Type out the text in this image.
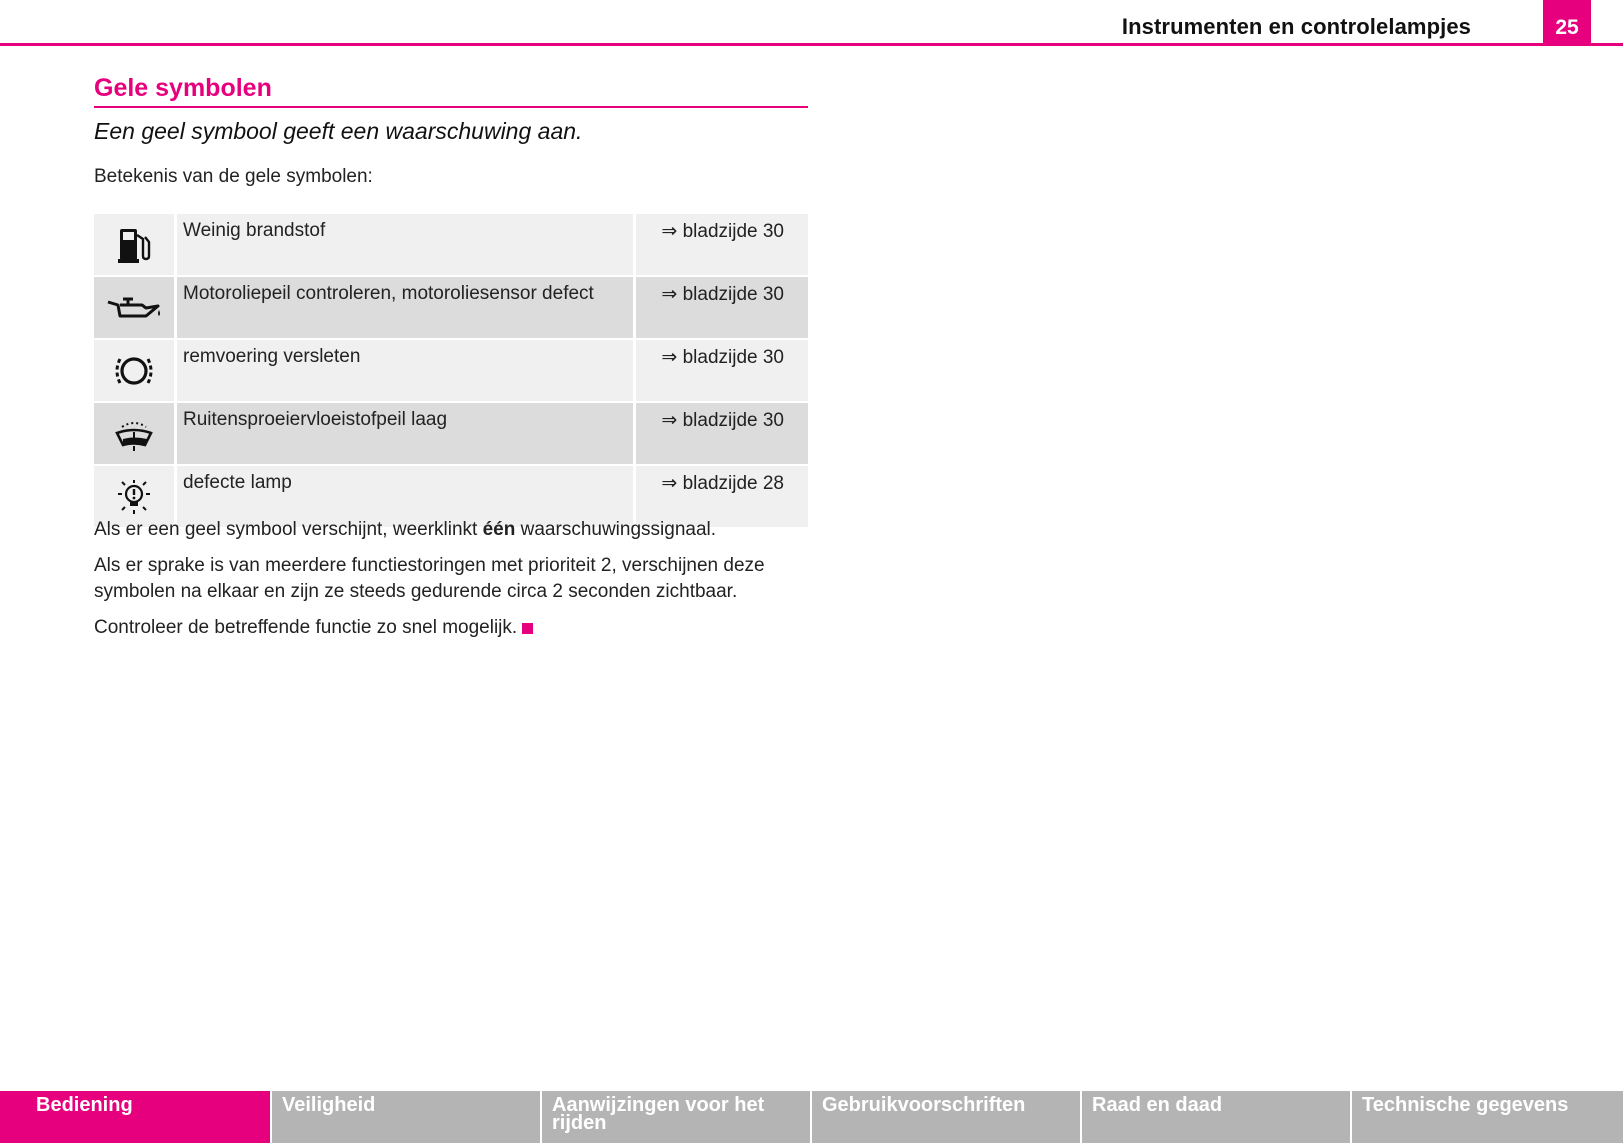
Instrumenten en controlelampjes	25
Gele symbolen
Een geel symbool geeft een waarschuwing aan.
Betekenis van de gele symbolen:
	Weinig brandstof	⇒ bladzijde 30

	Motoroliepeil controleren, motoroliesensor defect	⇒ bladzijde 30

	remvoering versleten	⇒ bladzijde 30

	Ruitensproeiervloeistofpeil laag	⇒ bladzijde 30

	defecte lamp	⇒ bladzijde 28
Als er een geel symbool verschijnt, weerklinkt één waarschuwingssignaal.
Als er sprake is van meerdere functiestoringen met prioriteit 2, verschijnen deze symbolen na elkaar en zijn ze steeds gedurende circa 2 seconden zichtbaar.
Controleer de betreffende functie zo snel mogelijk.
Bediening	Veiligheid	Aanwijzingen voor het rijden
Gebruikvoorschriften	Raad en daad	Technische gegevens
